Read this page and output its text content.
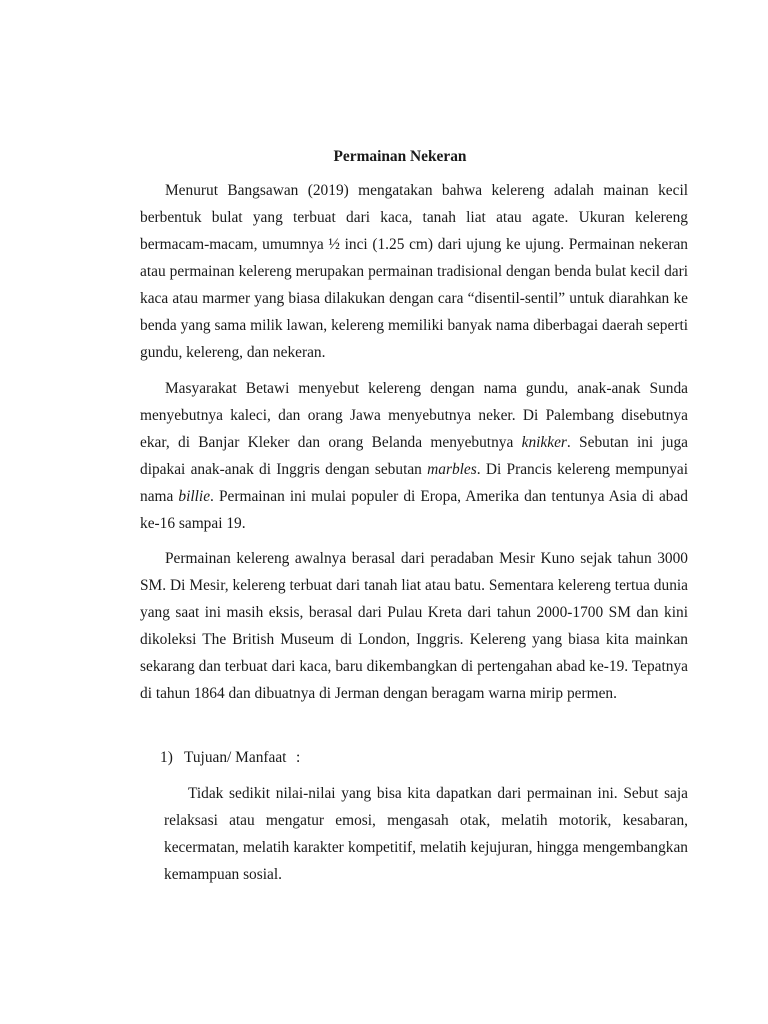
Permainan Nekeran

Menurut Bangsawan (2019) mengatakan bahwa kelereng adalah mainan kecil berbentuk bulat yang terbuat dari kaca, tanah liat atau agate. Ukuran kelereng bermacam-macam, umumnya ½ inci (1.25 cm) dari ujung ke ujung. Permainan nekeran atau permainan kelereng merupakan permainan tradisional dengan benda bulat kecil dari kaca atau marmer yang biasa dilakukan dengan cara “disentil-sentil” untuk diarahkan ke benda yang sama milik lawan, kelereng memiliki banyak nama diberbagai daerah seperti gundu, kelereng, dan nekeran.

Masyarakat Betawi menyebut kelereng dengan nama gundu, anak-anak Sunda menyebutnya kaleci, dan orang Jawa menyebutnya neker. Di Palembang disebutnya ekar, di Banjar Kleker dan orang Belanda menyebutnya knikker. Sebutan ini juga dipakai anak-anak di Inggris dengan sebutan marbles. Di Prancis kelereng mempunyai nama billie. Permainan ini mulai populer di Eropa, Amerika dan tentunya Asia di abad ke-16 sampai 19.

Permainan kelereng awalnya berasal dari peradaban Mesir Kuno sejak tahun 3000 SM. Di Mesir, kelereng terbuat dari tanah liat atau batu. Sementara kelereng tertua dunia yang saat ini masih eksis, berasal dari Pulau Kreta dari tahun 2000-1700 SM dan kini dikoleksi The British Museum di London, Inggris. Kelereng yang biasa kita mainkan sekarang dan terbuat dari kaca, baru dikembangkan di pertengahan abad ke-19. Tepatnya di tahun 1864 dan dibuatnya di Jerman dengan beragam warna mirip permen.

1) Tujuan/ Manfaat :

Tidak sedikit nilai-nilai yang bisa kita dapatkan dari permainan ini. Sebut saja relaksasi atau mengatur emosi, mengasah otak, melatih motorik, kesabaran, kecermatan, melatih karakter kompetitif, melatih kejujuran, hingga mengembangkan kemampuan sosial.
